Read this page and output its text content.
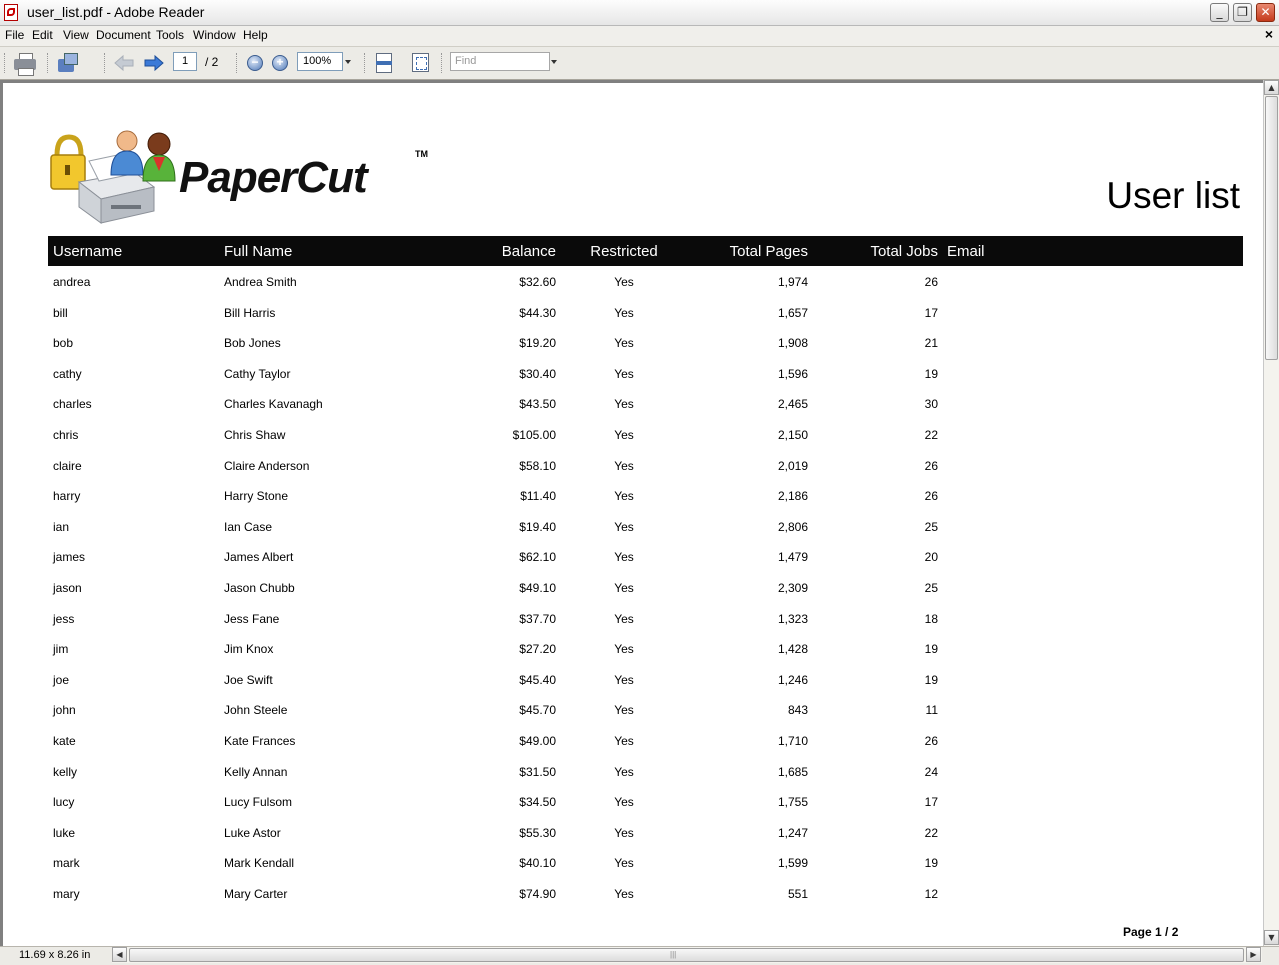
user_list.pdf - Adobe Reader	_	❐ ✕
File Edit View Document Tools Window Help	×
1	/ 2	− +	100%	Find
PaperCut	TM
User list
Username	Full Name	Balance Restricted	Total Pages	Total Jobs Email
andrea	Andrea Smith	$32.60	Yes	1,974	26
bill	Bill Harris	$44.30	Yes	1,657	17
bob	Bob Jones	$19.20	Yes	1,908	21
cathy	Cathy Taylor	$30.40	Yes	1,596	19
charles	Charles Kavanagh	$43.50	Yes	2,465	30
chris	Chris Shaw	$105.00	Yes	2,150	22
claire	Claire Anderson	$58.10	Yes	2,019	26
harry	Harry Stone	$11.40	Yes	2,186	26
ian	Ian Case	$19.40	Yes	2,806	25
james	James Albert	$62.10	Yes	1,479	20
jason	Jason Chubb	$49.10	Yes	2,309	25
jess	Jess Fane	$37.70	Yes	1,323	18
jim	Jim Knox	$27.20	Yes	1,428	19
joe	Joe Swift	$45.40	Yes	1,246	19
john	John Steele	$45.70	Yes	843	11
kate	Kate Frances	$49.00	Yes	1,710	26
kelly	Kelly Annan	$31.50	Yes	1,685	24
lucy	Lucy Fulsom	$34.50	Yes	1,755	17
luke	Luke Astor	$55.30	Yes	1,247	22
mark	Mark Kendall	$40.10	Yes	1,599	19
mary	Mary Carter	$74.90	Yes	551	12
Page 1 / 2
▲
▼
11.69 x 8.26 in	◀
|||	▶
